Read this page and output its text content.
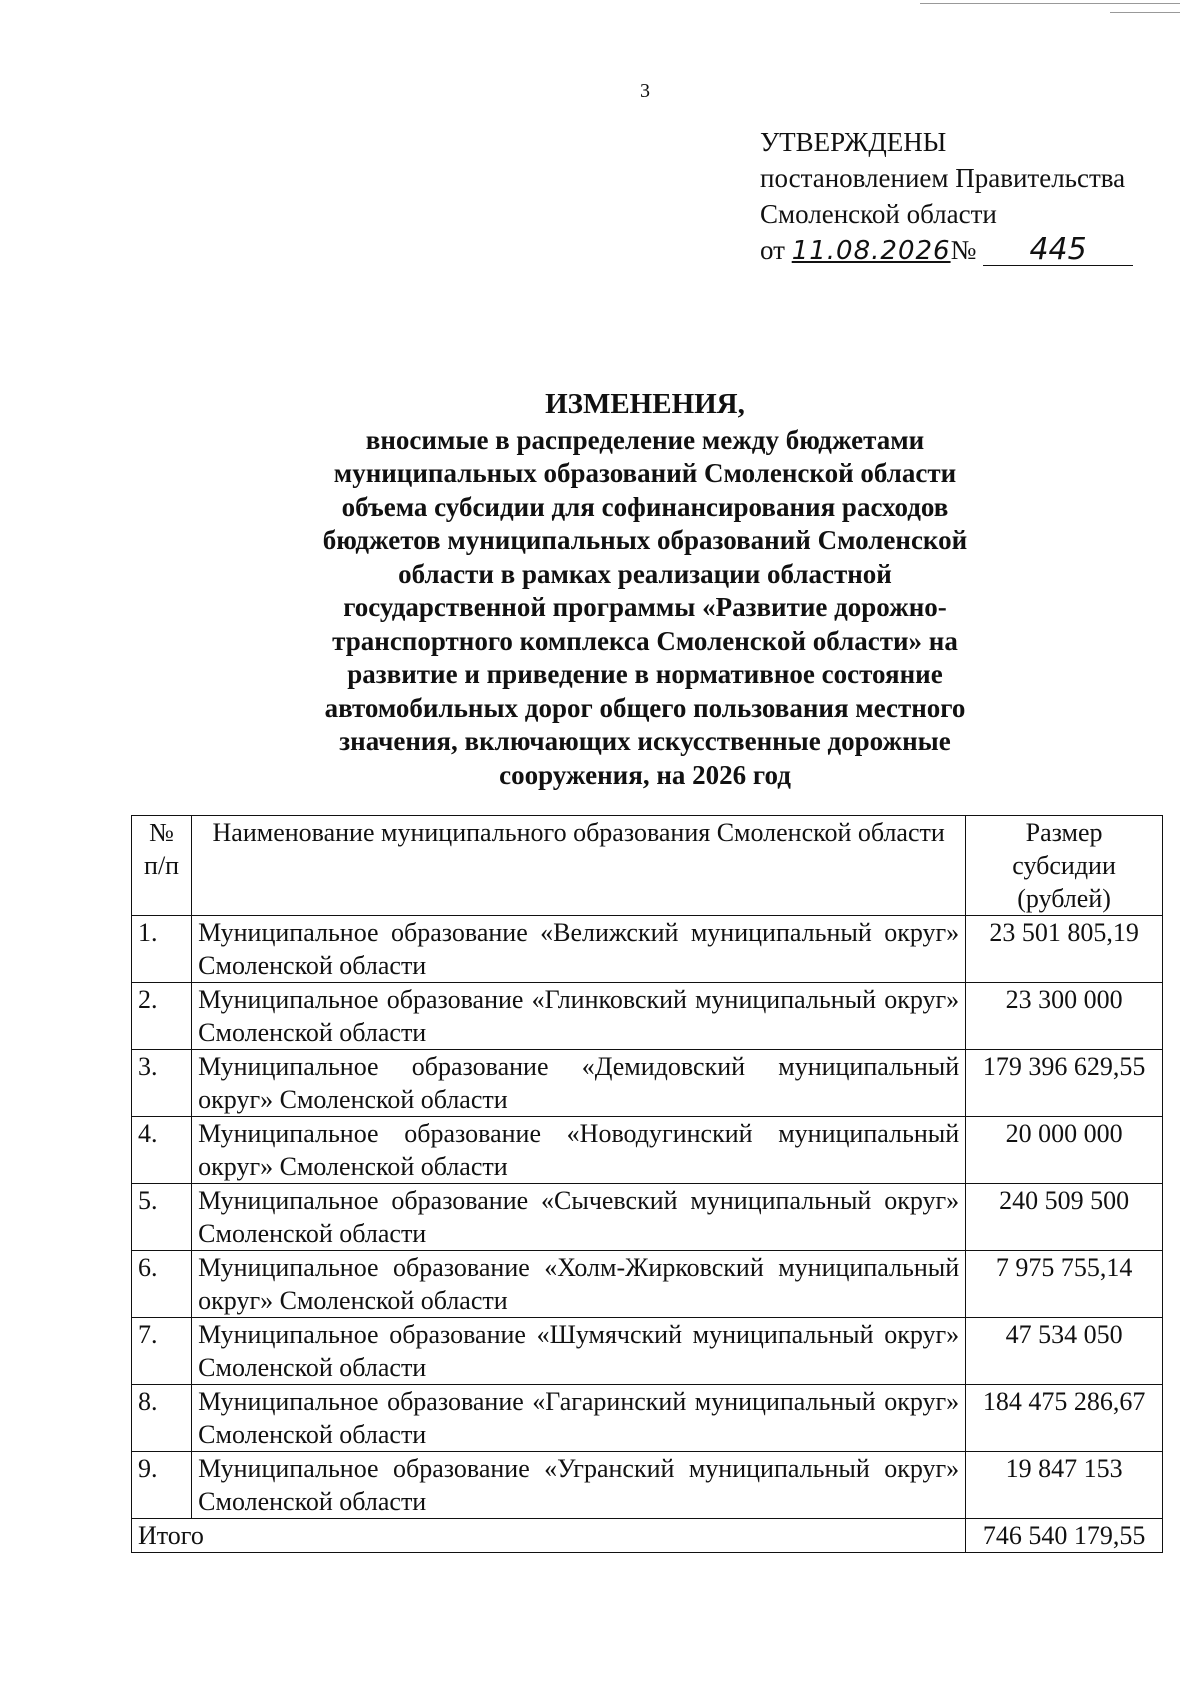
3
УТВЕРЖДЕНЫ
постановлением Правительства
Смоленской области
от 11.08.2026№ 445
ИЗМЕНЕНИЯ,
вносимые в распределение между бюджетами
муниципальных образований Смоленской области
объема субсидии для софинансирования расходов
бюджетов муниципальных образований Смоленской
области в рамках реализации областной
государственной программы «Развитие дорожно-
транспортного комплекса Смоленской области» на
развитие и приведение в нормативное состояние
автомобильных дорог общего пользования местного
значения, включающих искусственные дорожные
сооружения, на 2026 год
№ п/п	Наименование муниципального образования Смоленской области	Размер субсидии (рублей)
1.	Муниципальное образование «Велижский муниципальный округ» Смоленской области	23 501 805,19
2.	Муниципальное образование «Глинковский муниципальный округ» Смоленской области	23 300 000
3.	Муниципальное образование «Демидовский муниципальный округ» Смоленской области	179 396 629,55
4.	Муниципальное образование «Новодугинский муниципальный округ» Смоленской области	20 000 000
5.	Муниципальное образование «Сычевский муниципальный округ» Смоленской области	240 509 500
6.	Муниципальное образование «Холм-Жирковский муниципальный округ» Смоленской области	7 975 755,14
7.	Муниципальное образование «Шумячский муниципальный округ» Смоленской области	47 534 050
8.	Муниципальное образование «Гагаринский муниципальный округ» Смоленской области	184 475 286,67
9.	Муниципальное образование «Угранский муниципальный округ» Смоленской области	19 847 153
Итого		746 540 179,55
